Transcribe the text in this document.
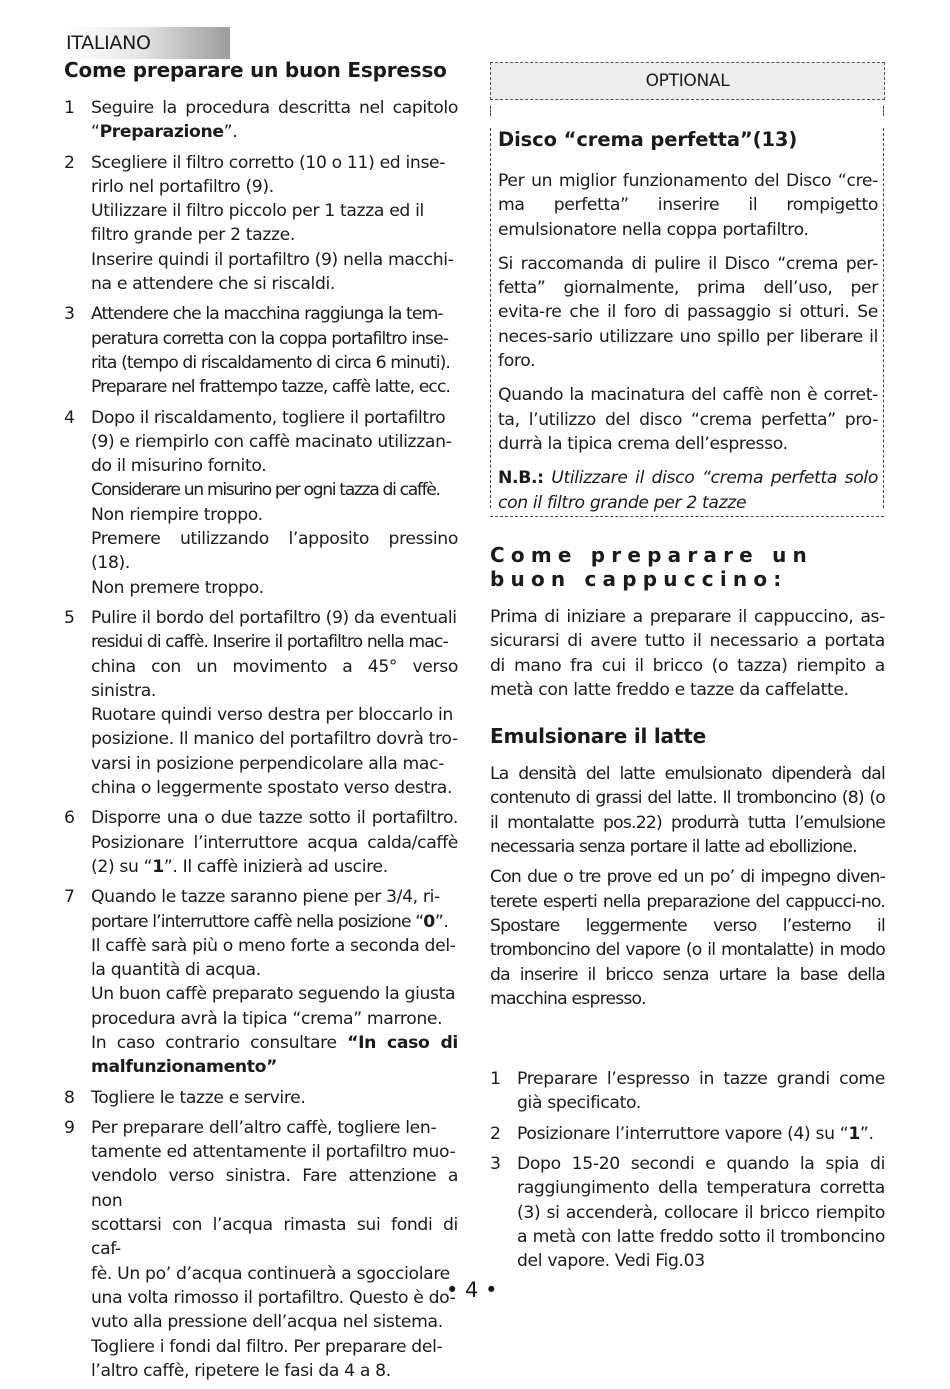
ITALIANO
Come preparare un buon Espresso
1 Seguire la procedura descritta nel capitolo “Preparazione”.
2 Scegliere il filtro corretto (10 o 11) ed inse-
rirlo nel portafiltro (9).
Utilizzare il filtro piccolo per 1 tazza ed il
filtro grande per 2 tazze.
Inserire quindi il portafiltro (9) nella macchi-
na e attendere che si riscaldi.
3 Attendere che la macchina raggiunga la tem-
peratura corretta con la coppa portafiltro inse-
rita (tempo di riscaldamento di circa 6 minuti).
Preparare nel frattempo tazze, caffè latte, ecc.
4 Dopo il riscaldamento, togliere il portafiltro
(9) e riempirlo con caffè macinato utilizzan-
do il misurino fornito.
Considerare un misurino per ogni tazza di caffè.
Non riempire troppo.
Premere utilizzando l’apposito pressino (18).
Non premere troppo.
5 Pulire il bordo del portafiltro (9) da eventuali
residui di caffè. Inserire il portafiltro nella mac-
china con un movimento a 45° verso sinistra.
Ruotare quindi verso destra per bloccarlo in
posizione. Il manico del portafiltro dovrà tro-
varsi in posizione perpendicolare alla mac-
china o leggermente spostato verso destra.
6 Disporre una o due tazze sotto il portafiltro. Posizionare l’interruttore acqua calda/caffè (2) su “1”. Il caffè inizierà ad uscire.
7 Quando le tazze saranno piene per 3/4, ri-
portare l’interruttore caffè nella posizione “0”.
Il caffè sarà più o meno forte a seconda del-
la quantità di acqua.
Un buon caffè preparato seguendo la giusta
procedura avrà la tipica “crema” marrone.
In caso contrario consultare “In caso di malfunzionamento”
8 Togliere le tazze e servire.
9 Per preparare dell’altro caffè, togliere len-
tamente ed attentamente il portafiltro muo-
vendolo verso sinistra. Fare attenzione a non
scottarsi con l’acqua rimasta sui fondi di caf-
fè. Un po’ d’acqua continuerà a sgocciolare
una volta rimosso il portafiltro. Questo è do-
vuto alla pressione dell’acqua nel sistema.
Togliere i fondi dal filtro. Per preparare del-
l’altro caffè, ripetere le fasi da 4 a 8.
OPTIONAL
Disco “crema perfetta”(13)

Per un miglior funzionamento del Disco “cre-ma perfetta” inserire il rompigetto emulsionatore nella coppa portafiltro.

Si raccomanda di pulire il Disco “crema per-fetta” giornalmente, prima dell’uso, per evita-re che il foro di passaggio si otturi. Se neces-sario utilizzare uno spillo per liberare il foro.

Quando la macinatura del caffè non è corret-ta, l’utilizzo del disco “crema perfetta” pro-durrà la tipica crema dell’espresso.

N.B.: Utilizzare il disco “crema perfetta solo con il filtro grande per 2 tazze

Come preparare un buon cappuccino:

Prima di iniziare a preparare il cappuccino, as-sicurarsi di avere tutto il necessario a portata di mano fra cui il bricco (o tazza) riempito a metà con latte freddo e tazze da caffelatte.

Emulsionare il latte

La densità del latte emulsionato dipenderà dal contenuto di grassi del latte. Il tromboncino (8) (o il montalatte pos.22) produrrà tutta l’emulsione necessaria senza portare il latte ad ebollizione.

Con due o tre prove ed un po’ di impegno diven-terete esperti nella preparazione del cappucci-no. Spostare leggermente verso l’esterno il tromboncino del vapore (o il montalatte) in modo da inserire il bricco senza urtare la base della macchina espresso.

1 Preparare l’espresso in tazze grandi come già specificato.
2 Posizionare l’interruttore vapore (4) su “1”.
3 Dopo 15-20 secondi e quando la spia di raggiungimento della temperatura corretta (3) si accenderà, collocare il bricco riempito a metà con latte freddo sotto il tromboncino del vapore. Vedi Fig.03
• 4 •
